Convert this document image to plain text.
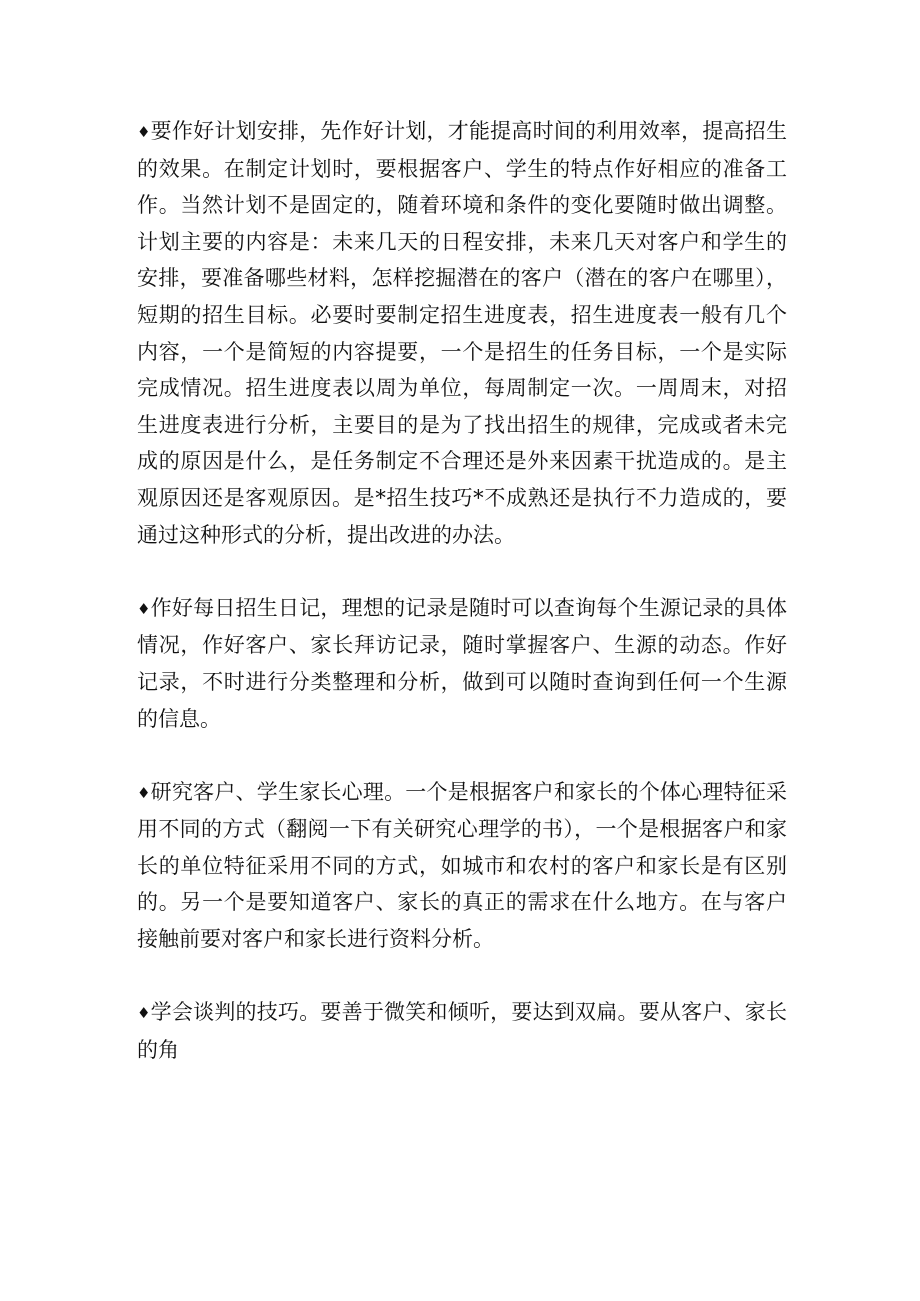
♦要作好计划安排，先作好计划，才能提高时间的利用效率，提高招生的效果。在制定计划时，要根据客户、学生的特点作好相应的准备工作。当然计划不是固定的，随着环境和条件的变化要随时做出调整。计划主要的内容是：未来几天的日程安排，未来几天对客户和学生的安排，要准备哪些材料，怎样挖掘潜在的客户（潜在的客户在哪里），短期的招生目标。必要时要制定招生进度表，招生进度表一般有几个内容，一个是简短的内容提要，一个是招生的任务目标，一个是实际完成情况。招生进度表以周为单位，每周制定一次。一周周末，对招生进度表进行分析，主要目的是为了找出招生的规律，完成或者未完成的原因是什么，是任务制定不合理还是外来因素干扰造成的。是主观原因还是客观原因。是*招生技巧*不成熟还是执行不力造成的，要通过这种形式的分析，提出改进的办法。

♦作好每日招生日记，理想的记录是随时可以查询每个生源记录的具体情况，作好客户、家长拜访记录，随时掌握客户、生源的动态。作好记录，不时进行分类整理和分析，做到可以随时查询到任何一个生源的信息。

♦研究客户、学生家长心理。一个是根据客户和家长的个体心理特征采用不同的方式（翻阅一下有关研究心理学的书），一个是根据客户和家长的单位特征采用不同的方式，如城市和农村的客户和家长是有区别的。另一个是要知道客户、家长的真正的需求在什么地方。在与客户接触前要对客户和家长进行资料分析。

♦学会谈判的技巧。要善于微笑和倾听，要达到双扁。要从客户、家长的角
